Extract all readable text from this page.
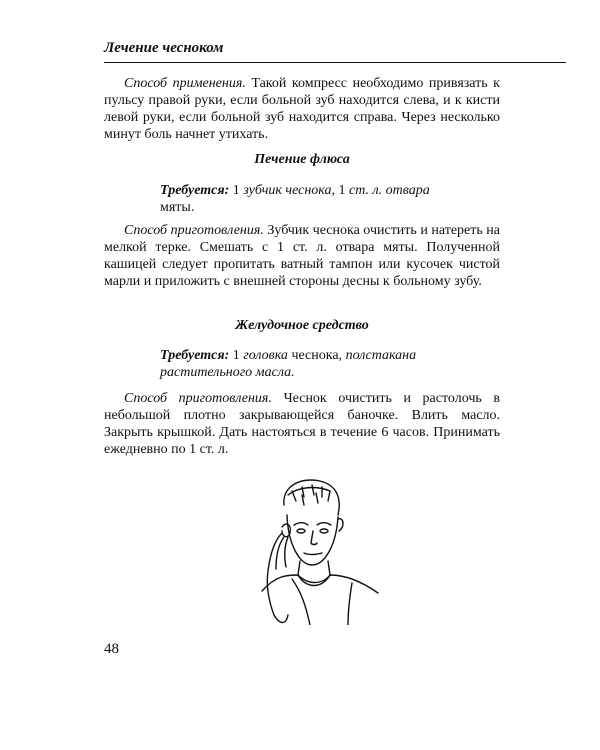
Лечение чесноком

Способ применения. Такой компресс необходимо привязать к пульсу правой руки, если больной зуб находится слева, и к кисти левой руки, если больной зуб находится справа. Через несколько минут боль начнет утихать.

Печение флюса

Требуется: 1 зубчик чеснока, 1 ст. л. отвара мяты.

Способ приготовления. Зубчик чеснока очистить и натереть на мелкой терке. Смешать с 1 ст. л. отвара мяты. Полученной кашицей следует пропитать ватный тампон или кусочек чистой марли и приложить с внешней стороны десны к больному зубу.

Желудочное средство

Требуется: 1 головка чеснока, полстакана растительного масла.

Способ приготовления. Чеснок очистить и растолочь в небольшой плотно закрывающейся баночке. Влить масло. Закрыть крышкой. Дать настояться в течение 6 часов. Принимать ежедневно по 1 ст. л.

48
